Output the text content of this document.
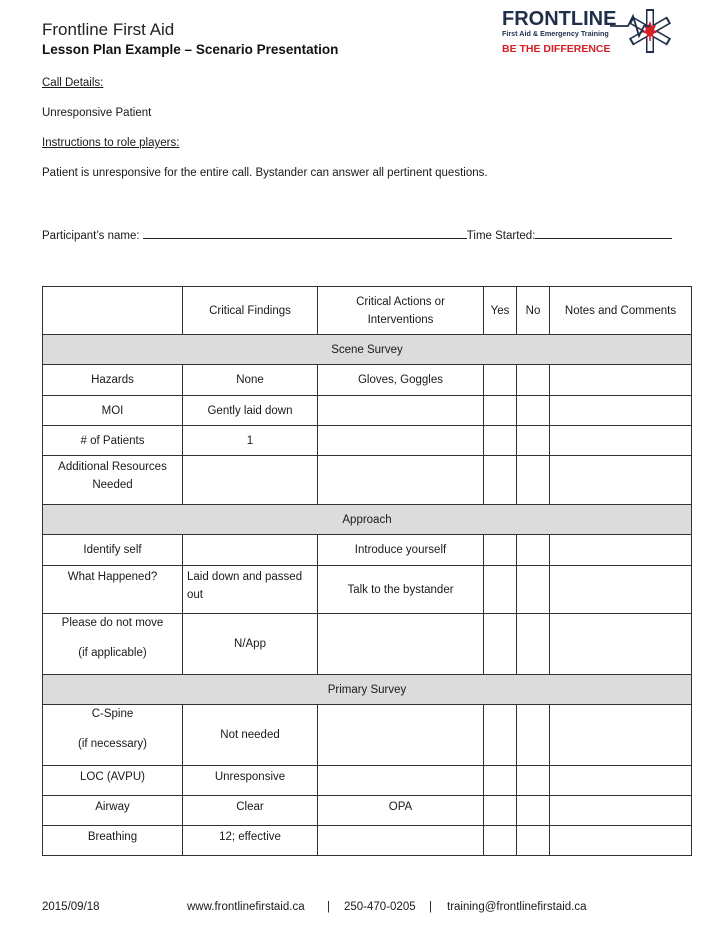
Frontline First Aid
Lesson Plan Example – Scenario Presentation
FRONTLINE
First Aid & Emergency Training
BE THE DIFFERENCE
Call Details:
Unresponsive Patient
Instructions to role players:
Patient is unresponsive for the entire call. Bystander can answer all pertinent questions.
Participant’s name:	Time Started:
	Critical Findings	Critical Actions or Interventions	Yes	No	Notes and Comments
Scene Survey					
Hazards	None	Gloves, Goggles			
MOI	Gently laid down				
# of Patients	1				
Additional Resources Needed					
Approach					
Identify self		Introduce yourself			
What Happened?	Laid down and passed out	Talk to the bystander			
Please do not move

(if applicable)	N/App				
Primary Survey					
C-Spine

(if necessary)	Not needed				
LOC (AVPU)	Unresponsive				
Airway	Clear	OPA			
Breathing	12; effective				
2015/09/18	www.frontlinefirstaid.ca | 250-470-0205 | training@frontlinefirstaid.ca
